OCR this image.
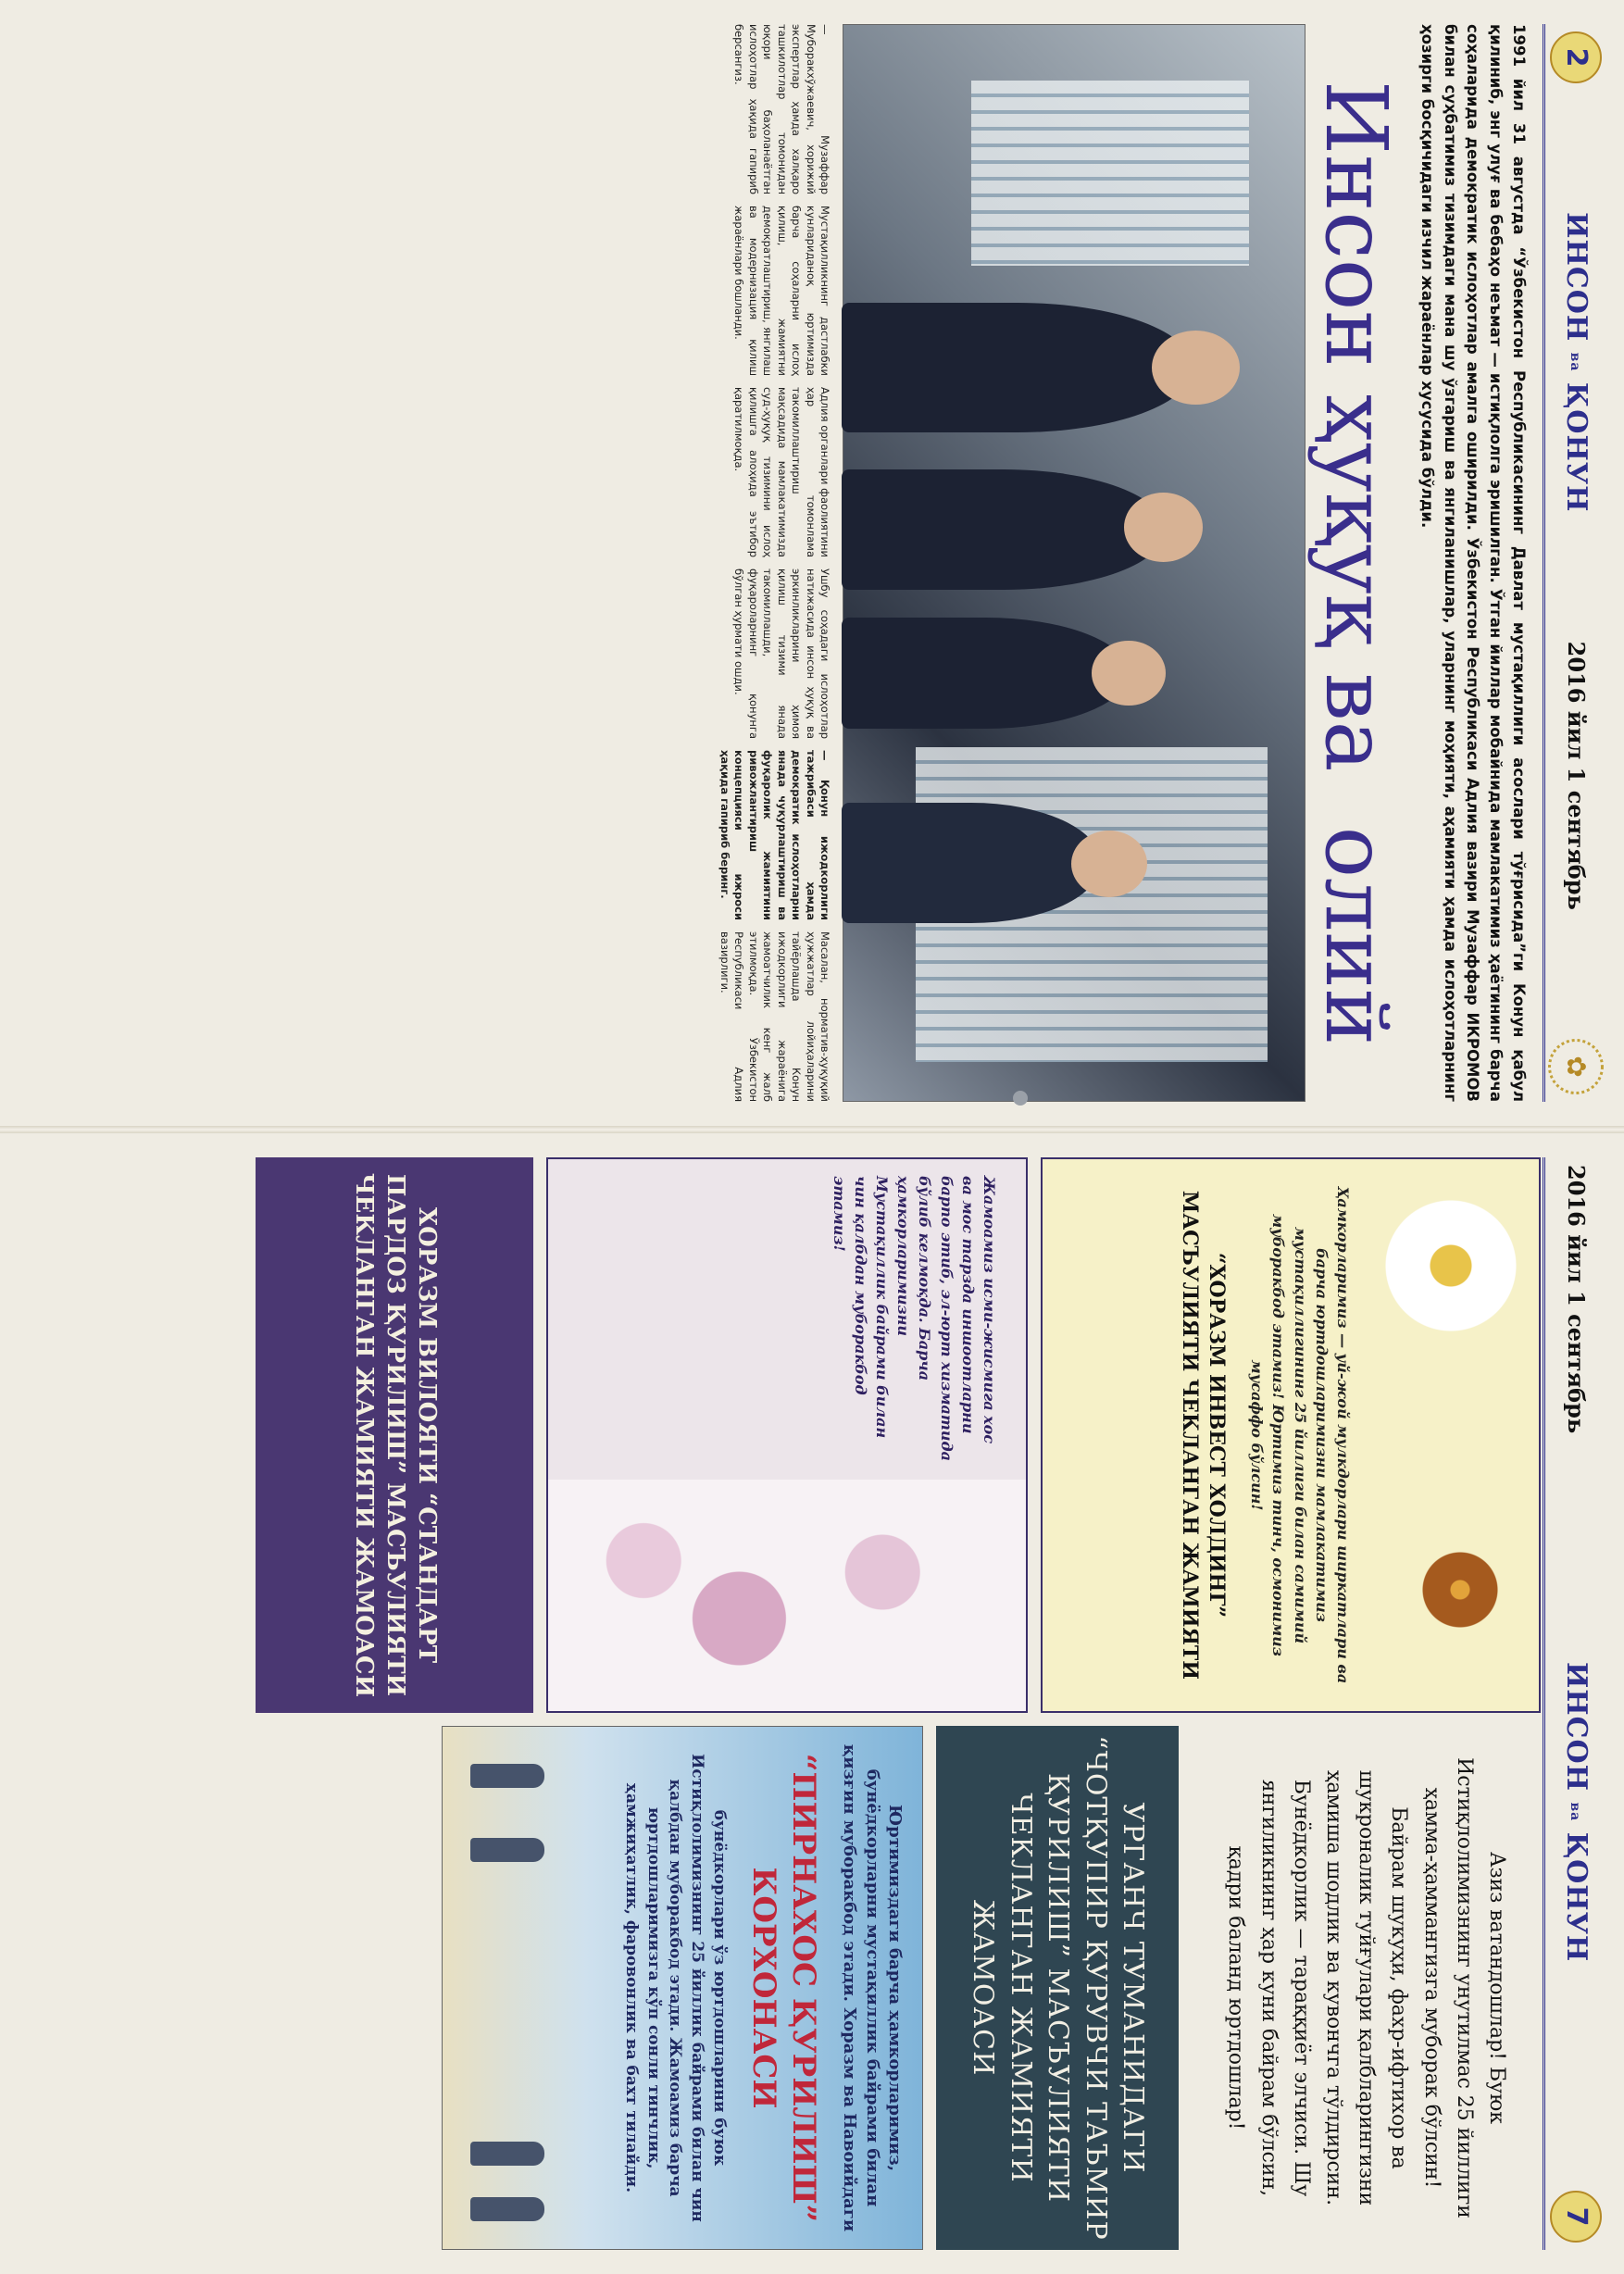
2
ИНСОН ва ҚОНУН
2016 йил 1 сентябрь
✿
1991 йил 31 августда “Ўзбекистон Республикасининг Давлат мустақиллиги асослари тўғрисида”ги Конун қабул қилиниб, энг улуғ ва бебаҳо неъмат — истиқлолга эришилган. Ўтган йиллар мобайнида мамлакатимиз ҳаётининг барча соҳаларида демократик ислоҳотлар амалга оширилди. Ўзбекистон Республикаси Адлия вазири Музаффар ИКРОМОВ билан суҳбатимиз тизимдаги мана шу ўзгариш ва янгиланишлар, уларнинг моҳияти, аҳамияти ҳамда ислоҳотларнинг ҳозирги босқичидаги изчил жараёнлар хусусида бўлди.
Инсон ҳуқуқ ва олий

— Музаффар Муборакхўжаевич, хорижий экспертлар ҳамда халқаро ташкилотлар томонидан юқори баҳоланаётган ислоҳотлар ҳақида гапириб берсангиз.

Мустақилликнинг дастлабки кунлариданоқ юртимизда барча соҳаларни ислоҳ қилиш, жамиятни демократлаштириш, янгилаш ва модернизация қилиш жараёнлари бошланди.

Адлия органлари фаолиятини ҳар томонлама такомиллаштириш мақсадида мамлакатимизда суд-ҳуқуқ тизимини ислоҳ қилишга алоҳида эътибор қаратилмоқда.

Ушбу соҳадаги ислоҳотлар натижасида инсон ҳуқуқ ва эркинликларини ҳимоя қилиш тизими янада такомиллашди, фуқароларнинг қонунга бўлган ҳурмати ошди.

— Қонун ижодкорлиги тажрибаси ҳамда демократик ислоҳотларни янада чуқурлаштириш ва фуқаролик жамиятини ривожлантириш концепцияси ижроси ҳақида гапириб беринг.

Масалан, норматив-ҳуқуқий ҳужжатлар лойиҳаларини тайёрлашда Конун ижодкорлиги жараёнига жамоатчилик кенг жалб этилмоқда. Ўзбекистон Республикаси Адлия вазирлиги.

2016 йил 1 сентябрь
ИНСОН ва ҚОНУН
7
Ҳамкорларимиз — уй-жой мулкдорлари ширкатлари ва барча юртдошларимизни мамлакатимиз мустақиллигининг 25 йиллиги билан самимий муборакбод этамиз! Юртимиз тинч, осмонимиз мусаффо бўлсин!
“ХОРАЗМ ИНВЕСТ ХОЛДИНГ” МАСЪУЛИЯТИ ЧЕКЛАНГАН ЖАМИЯТИ
Жамоамиз исми-жисмига хос ва мос тарзда иншоотларни барпо этиб, эл-юрт хизматида бўлиб келмоқда. Барча ҳамкорларимизни Мустақиллик байрами билан чин қалбдан муборакбод этамиз!
ХОРАЗМ ВИЛОЯТИ “СТАНДАРТ ПАРДОЗ ҚУРИЛИШ” МАСЪУЛИЯТИ ЧЕКЛАНГАН ЖАМИЯТИ ЖАМОАСИ
Азиз ватандошлар! Буюк Истиқлолимизнинг унутилмас 25 йиллиги ҳамма-ҳаммангизга муборак бўлсин! Байрам шукуҳи, фахр-ифтихор ва шукроналик туйғулари қалбларингизни ҳамиша шодлик ва кувончга тўлдирсин. Бунёдкорлик — тараққиёт элчиси. Шу янгиликнинг ҳар куни байрам бўлсин, қадри баланд юртдошлар!
УРГАНЧ ТУМАНИДАГИ “ЧОТҚУПИР ҚУРУВЧИ ТАЪМИР ҚУРИЛИШ” МАСЪУЛИЯТИ ЧЕКЛАНГАН ЖАМИЯТИ ЖАМОАСИ
Юртимиздаги барча ҳамкорларимиз, бунёдкорларни мустақиллик байрами билан қизғин муборакбод этади. Хоразм ва Навоийдаги
“ПИРНАХОС ҚУРИЛИШ” КОРХОНАСИ
бунёдкорлари ўз юртдошларини буюк Истиқлолимизнинг 25 йиллик байрами билан чин қалбдан муборакбод этади. Жамоамиз барча юртдошларимизга кўп сонли тинчлик, ҳамжиҳатлик, фаровонлик ва бахт тилайди.
